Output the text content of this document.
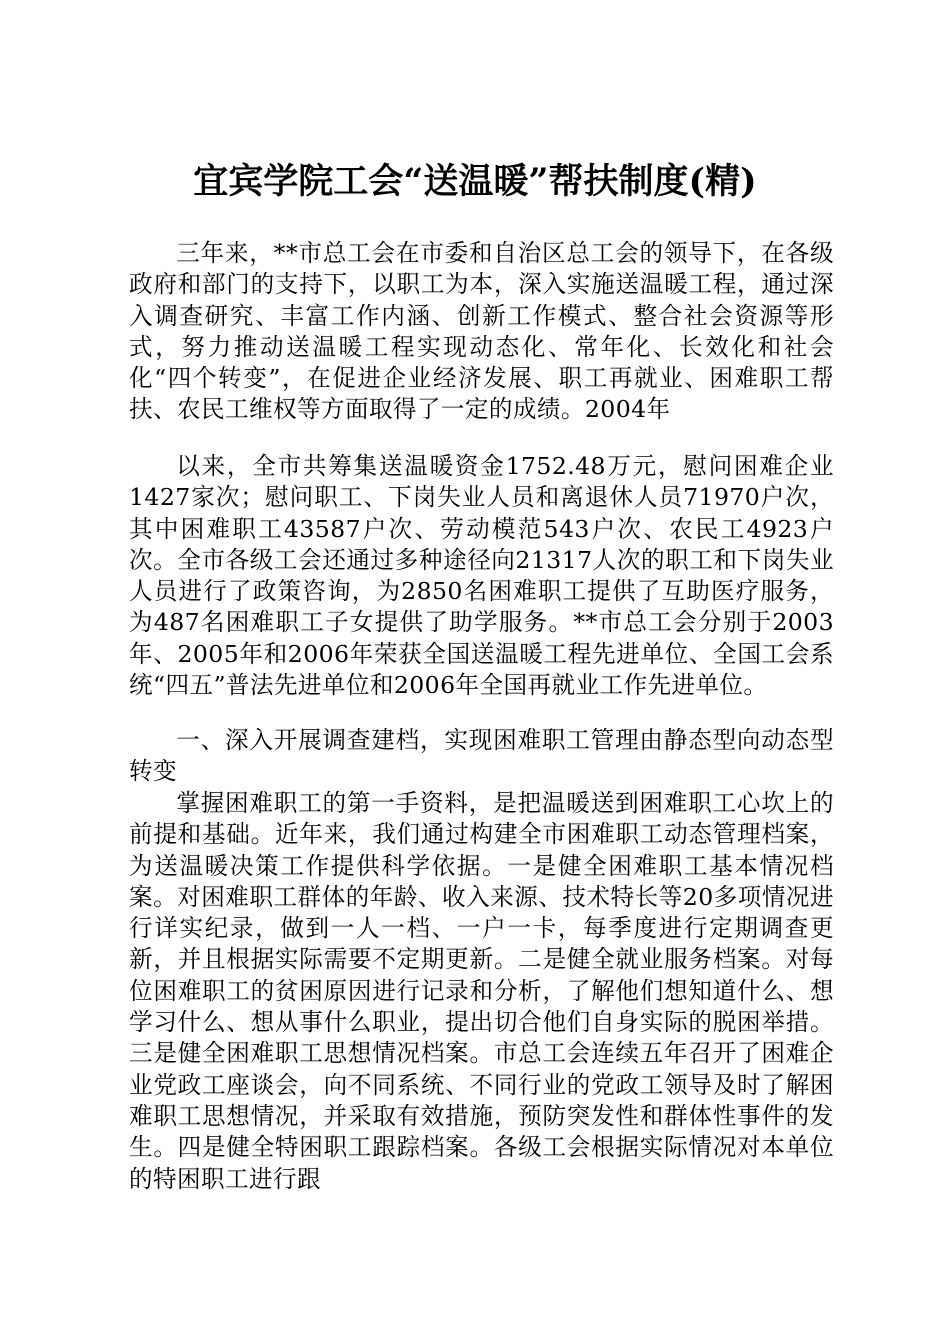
宜宾学院工会“送温暖”帮扶制度(精)

三年来，**市总工会在市委和自治区总工会的领导下，在各级政府和部门的支持下，以职工为本，深入实施送温暖工程，通过深入调查研究、丰富工作内涵、创新工作模式、整合社会资源等形式，努力推动送温暖工程实现动态化、常年化、长效化和社会化“四个转变”，在促进企业经济发展、职工再就业、困难职工帮扶、农民工维权等方面取得了一定的成绩。2004年

以来，全市共筹集送温暖资金1752.48万元，慰问困难企业1427家次；慰问职工、下岗失业人员和离退休人员71970户次，其中困难职工43587户次、劳动模范543户次、农民工4923户次。全市各级工会还通过多种途径向21317人次的职工和下岗失业人员进行了政策咨询，为2850名困难职工提供了互助医疗服务，为487名困难职工子女提供了助学服务。**市总工会分别于2003年、2005年和2006年荣获全国送温暖工程先进单位、全国工会系统“四五”普法先进单位和2006年全国再就业工作先进单位。

一、深入开展调查建档，实现困难职工管理由静态型向动态型转变

掌握困难职工的第一手资料，是把温暖送到困难职工心坎上的前提和基础。近年来，我们通过构建全市困难职工动态管理档案，为送温暖决策工作提供科学依据。一是健全困难职工基本情况档案。对困难职工群体的年龄、收入来源、技术特长等20多项情况进行详实纪录，做到一人一档、一户一卡，每季度进行定期调查更新，并且根据实际需要不定期更新。二是健全就业服务档案。对每位困难职工的贫困原因进行记录和分析，了解他们想知道什么、想学习什么、想从事什么职业，提出切合他们自身实际的脱困举措。三是健全困难职工思想情况档案。市总工会连续五年召开了困难企业党政工座谈会，向不同系统、不同行业的党政工领导及时了解困难职工思想情况，并采取有效措施，预防突发性和群体性事件的发生。四是健全特困职工跟踪档案。各级工会根据实际情况对本单位的特困职工进行跟
